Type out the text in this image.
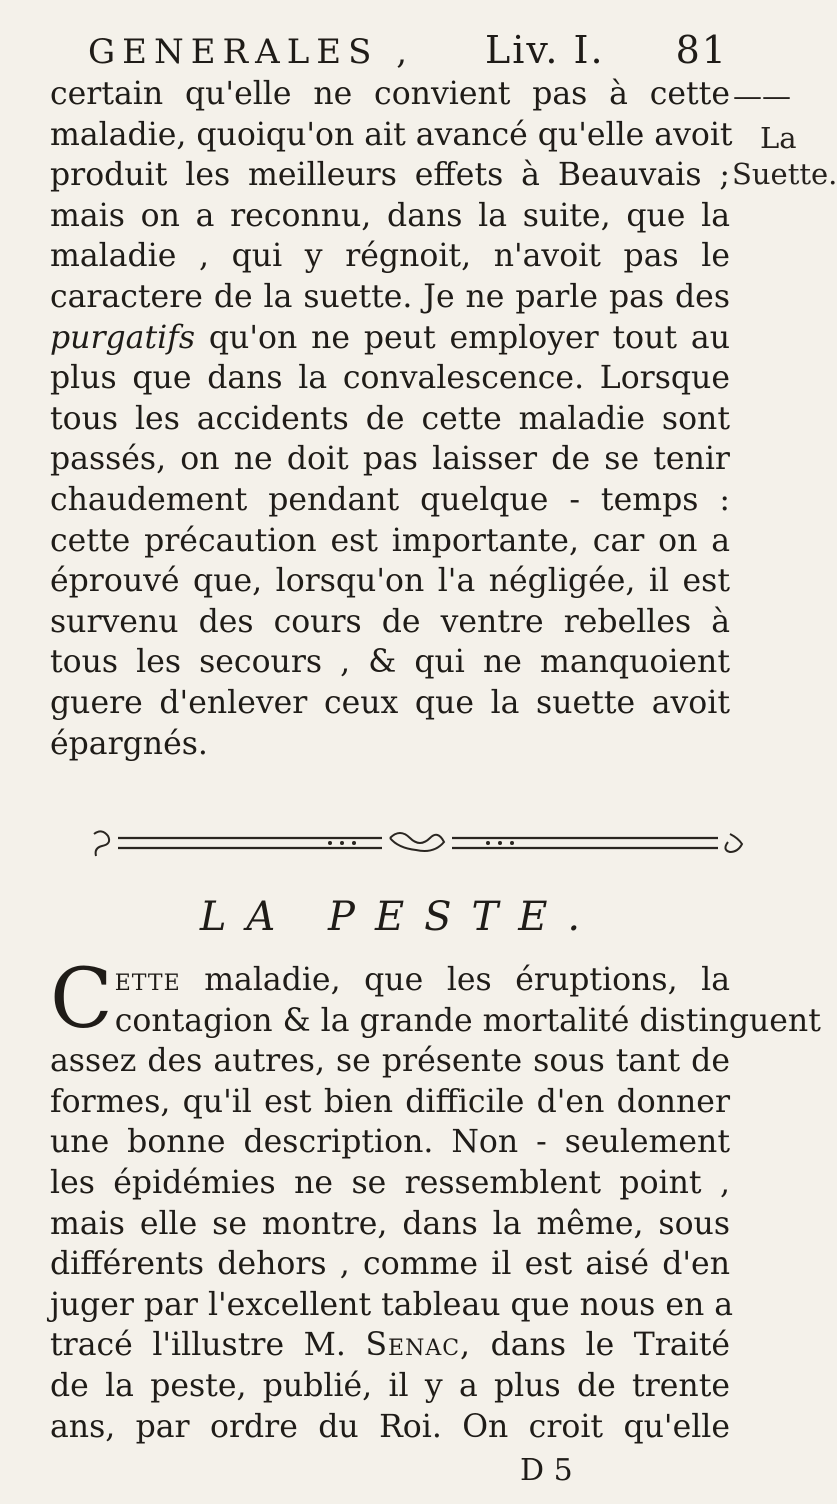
GENERALES , Liv. I. 81
——
La
Suette.
certain qu'elle ne convient pas à cette
maladie, quoiqu'on ait avancé qu'elle avoit
produit les meilleurs effets à Beauvais ;
mais on a reconnu, dans la suite, que la
maladie , qui y régnoit, n'avoit pas le
caractere de la suette. Je ne parle pas des
purgatifs qu'on ne peut employer tout au
plus que dans la convalescence. Lorsque
tous les accidents de cette maladie sont
passés, on ne doit pas laisser de se tenir
chaudement pendant quelque - temps :
cette précaution est importante, car on a
éprouvé que, lorsqu'on l'a négligée, il est
survenu des cours de ventre rebelles à
tous les secours , & qui ne manquoient
guere d'enlever ceux que la suette avoit
épargnés.
LA PESTE.
Cette maladie, que les éruptions, la
contagion & la grande mortalité distinguent
assez des autres, se présente sous tant de
formes, qu'il est bien difficile d'en donner
une bonne description. Non - seulement
les épidémies ne se ressemblent point ,
mais elle se montre, dans la même, sous
différents dehors , comme il est aisé d'en
juger par l'excellent tableau que nous en a
tracé l'illustre M. Senac, dans le Traité
de la peste, publié, il y a plus de trente
ans, par ordre du Roi. On croit qu'elle
D 5
